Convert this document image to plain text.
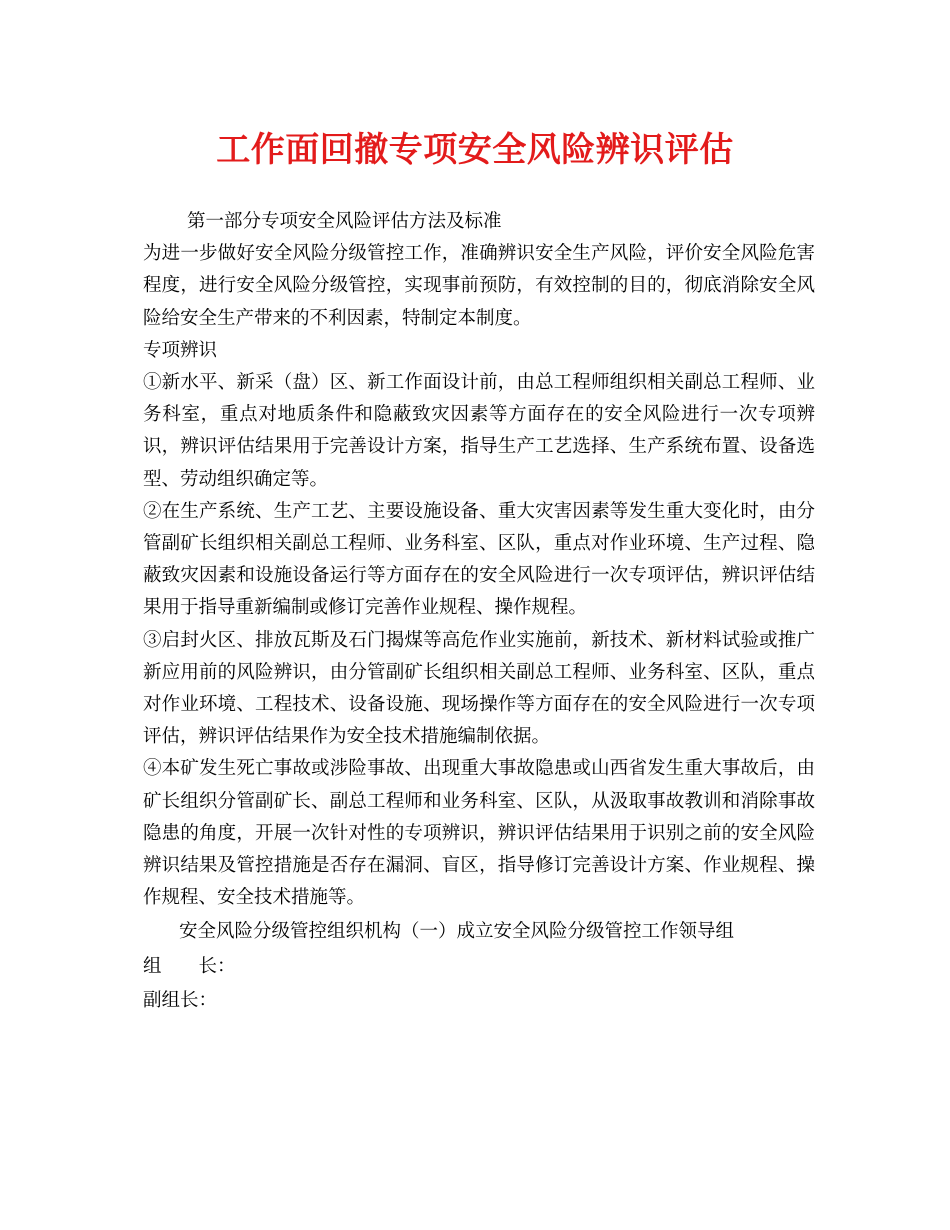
工作面回撤专项安全风险辨识评估

第一部分专项安全风险评估方法及标准

为进一步做好安全风险分级管控工作，准确辨识安全生产风险，评价安全风险危害程度，进行安全风险分级管控，实现事前预防，有效控制的目的，彻底消除安全风险给安全生产带来的不利因素，特制定本制度。

专项辨识

①新水平、新采（盘）区、新工作面设计前，由总工程师组织相关副总工程师、业务科室，重点对地质条件和隐蔽致灾因素等方面存在的安全风险进行一次专项辨识，辨识评估结果用于完善设计方案，指导生产工艺选择、生产系统布置、设备选型、劳动组织确定等。

②在生产系统、生产工艺、主要设施设备、重大灾害因素等发生重大变化时，由分管副矿长组织相关副总工程师、业务科室、区队，重点对作业环境、生产过程、隐蔽致灾因素和设施设备运行等方面存在的安全风险进行一次专项评估，辨识评估结果用于指导重新编制或修订完善作业规程、操作规程。

③启封火区、排放瓦斯及石门揭煤等高危作业实施前，新技术、新材料试验或推广新应用前的风险辨识，由分管副矿长组织相关副总工程师、业务科室、区队，重点对作业环境、工程技术、设备设施、现场操作等方面存在的安全风险进行一次专项评估，辨识评估结果作为安全技术措施编制依据。

④本矿发生死亡事故或涉险事故、出现重大事故隐患或山西省发生重大事故后，由矿长组织分管副矿长、副总工程师和业务科室、区队，从汲取事故教训和消除事故隐患的角度，开展一次针对性的专项辨识，辨识评估结果用于识别之前的安全风险辨识结果及管控措施是否存在漏洞、盲区，指导修订完善设计方案、作业规程、操作规程、安全技术措施等。

安全风险分级管控组织机构（一）成立安全风险分级管控工作领导组

组　　长：

副组长：
